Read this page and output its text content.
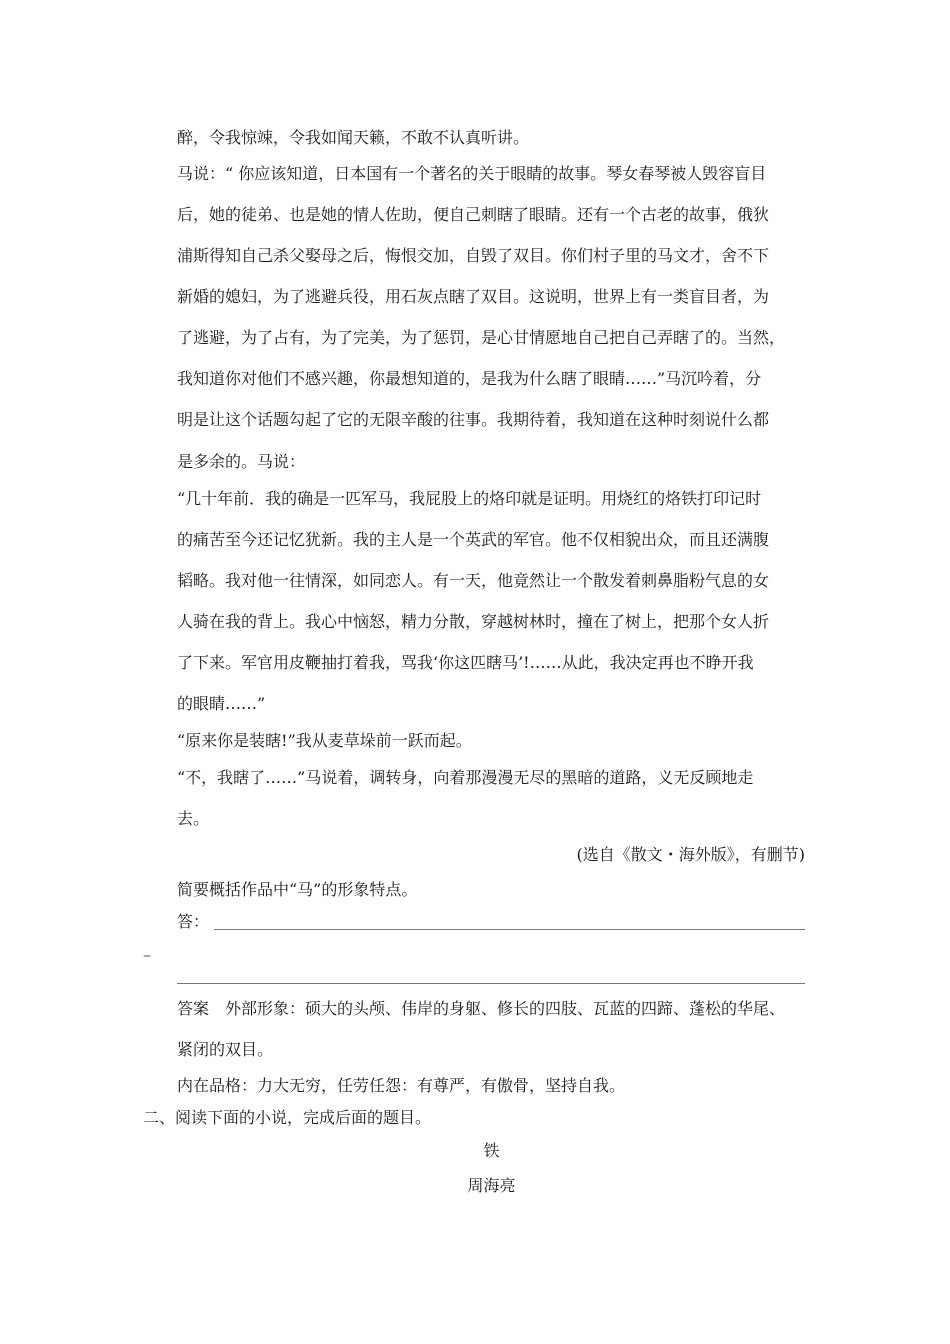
醉，令我惊竦，令我如闻天籁，不敢不认真听讲。

马说：“ 你应该知道，日本国有一个著名的关于眼睛的故事。琴女春琴被人毁容盲目

后，她的徒弟、也是她的情人佐助，便自己刺瞎了眼睛。还有一个古老的故事，俄狄

浦斯得知自己杀父娶母之后，悔恨交加，自毁了双目。你们村子里的马文才，舍不下

新婚的媳妇，为了逃避兵役，用石灰点瞎了双目。这说明，世界上有一类盲目者，为

了逃避，为了占有，为了完美，为了惩罚，是心甘情愿地自己把自己弄瞎了的。当然，

我知道你对他们不感兴趣，你最想知道的，是我为什么瞎了眼睛……”马沉吟着，分

明是让这个话题勾起了它的无限辛酸的往事。我期待着，我知道在这种时刻说什么都

是多余的。马说：

“几十年前．我的确是一匹军马，我屁股上的烙印就是证明。用烧红的烙铁打印记时

的痛苦至今还记忆犹新。我的主人是一个英武的军官。他不仅相貌出众，而且还满腹

韬略。我对他一往情深，如同恋人。有一天，他竟然让一个散发着刺鼻脂粉气息的女

人骑在我的背上。我心中恼怒，精力分散，穿越树林时，撞在了树上，把那个女人折

了下来。军官用皮鞭抽打着我，骂我‘你这匹瞎马’!……从此，我决定再也不睁开我

的眼睛……”

“原来你是装瞎!”我从麦草垛前一跃而起。

“不，我瞎了……”马说着，调转身，向着那漫漫无尽的黑暗的道路，义无反顾地走

去。

(选自《散文・海外版》，有删节)

简要概括作品中“马”的形象特点。

答：

–

答案　外部形象：硕大的头颅、伟岸的身躯、修长的四肢、瓦蓝的四蹄、蓬松的华尾、

紧闭的双目。

内在品格：力大无穷，任劳任怨：有尊严，有傲骨，坚持自我。

二、阅读下面的小说，完成后面的题目。

铁

周海亮
